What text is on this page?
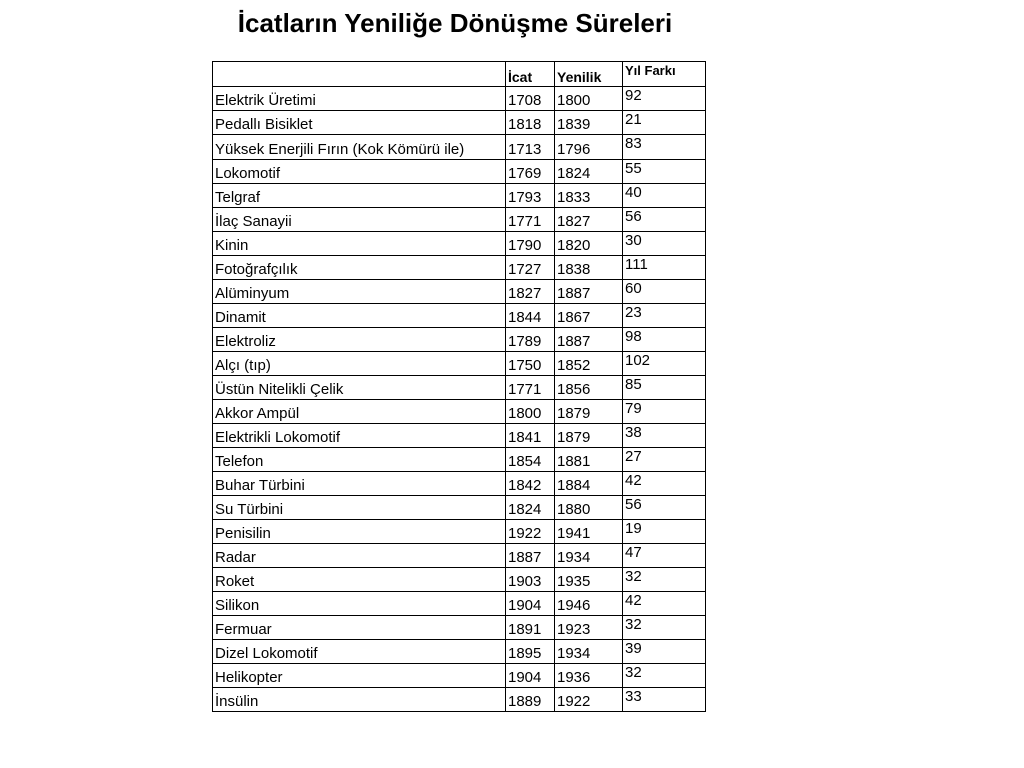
İcatların Yeniliğe Dönüşme Süreleri
	İcat	Yenilik	Yıl Farkı
Elektrik Üretimi	1708	1800	92
Pedallı Bisiklet	1818	1839	21
Yüksek Enerjili Fırın (Kok Kömürü ile)	1713	1796	83
Lokomotif	1769	1824	55
Telgraf	1793	1833	40
İlaç Sanayii	1771	1827	56
Kinin	1790	1820	30
Fotoğrafçılık	1727	1838	111
Alüminyum	1827	1887	60
Dinamit	1844	1867	23
Elektroliz	1789	1887	98
Alçı (tıp)	1750	1852	102
Üstün Nitelikli Çelik	1771	1856	85
Akkor Ampül	1800	1879	79
Elektrikli Lokomotif	1841	1879	38
Telefon	1854	1881	27
Buhar Türbini	1842	1884	42
Su Türbini	1824	1880	56
Penisilin	1922	1941	19
Radar	1887	1934	47
Roket	1903	1935	32
Silikon	1904	1946	42
Fermuar	1891	1923	32
Dizel Lokomotif	1895	1934	39
Helikopter	1904	1936	32
İnsülin	1889	1922	33
